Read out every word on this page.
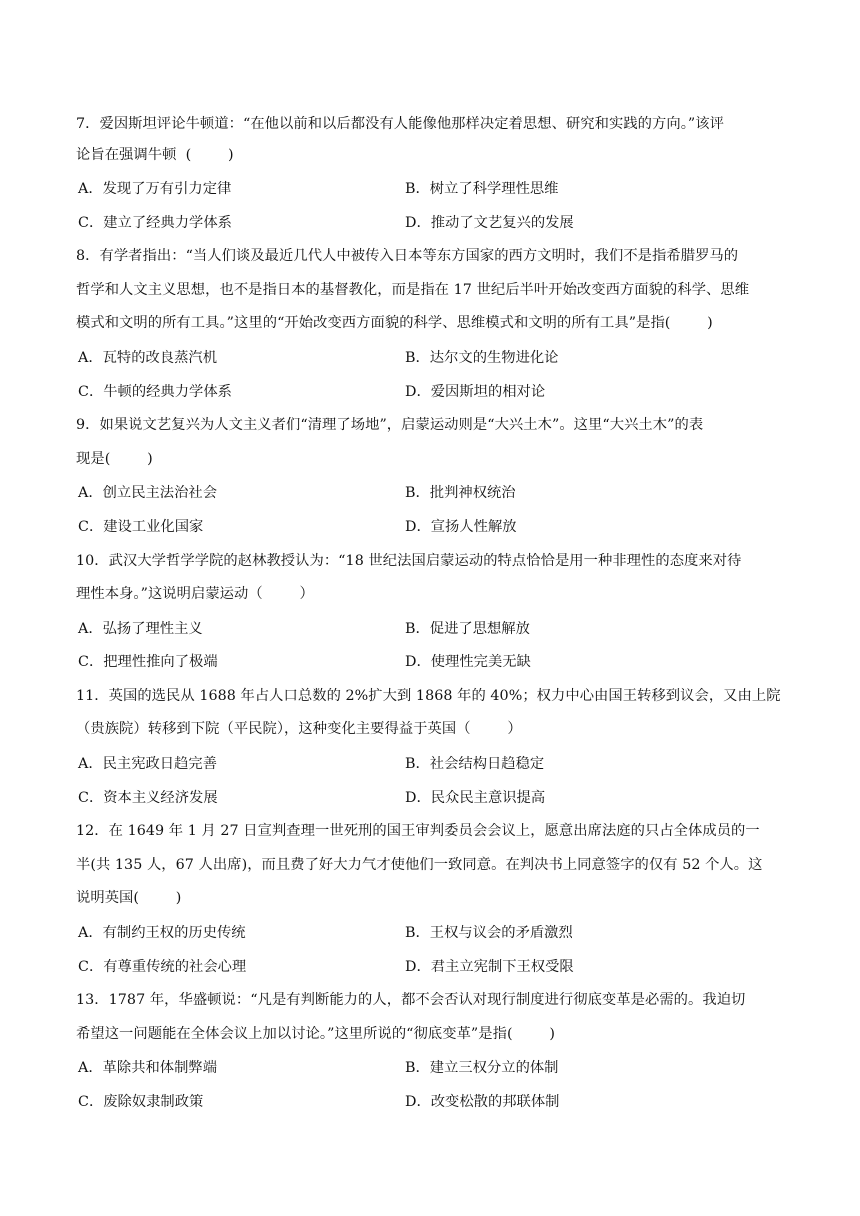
7．爱因斯坦评论牛顿道：“在他以前和以后都没有人能像他那样决定着思想、研究和实践的方向。”该评
论旨在强调牛顿  (        )
A．发现了万有引力定律	B．树立了科学理性思维
C．建立了经典力学体系	D．推动了文艺复兴的发展
8．有学者指出：“当人们谈及最近几代人中被传入日本等东方国家的西方文明时，我们不是指希腊罗马的
哲学和人文主义思想，也不是指日本的基督教化，而是指在 17 世纪后半叶开始改变西方面貌的科学、思维
模式和文明的所有工具。”这里的“开始改变西方面貌的科学、思维模式和文明的所有工具”是指(        )
A．瓦特的改良蒸汽机	B．达尔文的生物进化论
C．牛顿的经典力学体系	D．爱因斯坦的相对论
9．如果说文艺复兴为人文主义者们“清理了场地”，启蒙运动则是“大兴土木”。这里“大兴土木”的表
现是(        )
A．创立民主法治社会	B．批判神权统治
C．建设工业化国家	D．宣扬人性解放
10．武汉大学哲学学院的赵林教授认为：“18 世纪法国启蒙运动的特点恰恰是用一种非理性的态度来对待
理性本身。”这说明启蒙运动（        ）
A．弘扬了理性主义	B．促进了思想解放
C．把理性推向了极端	D．使理性完美无缺
11．英国的选民从 1688 年占人口总数的 2%扩大到 1868 年的 40%；权力中心由国王转移到议会，又由上院
（贵族院）转移到下院（平民院），这种变化主要得益于英国（        ）
A．民主宪政日趋完善	B．社会结构日趋稳定
C．资本主义经济发展	D．民众民主意识提高
12．在 1649 年 1 月 27 日宣判查理一世死刑的国王审判委员会会议上，愿意出席法庭的只占全体成员的一
半(共 135 人，67 人出席)，而且费了好大力气才使他们一致同意。在判决书上同意签字的仅有 52 个人。这
说明英国(        )
A．有制约王权的历史传统	B．王权与议会的矛盾激烈
C．有尊重传统的社会心理	D．君主立宪制下王权受限
13．1787 年，华盛顿说：“凡是有判断能力的人，都不会否认对现行制度进行彻底变革是必需的。我迫切
希望这一问题能在全体会议上加以讨论。”这里所说的“彻底变革”是指(        )
A．革除共和体制弊端	B．建立三权分立的体制
C．废除奴隶制政策	D．改变松散的邦联体制
